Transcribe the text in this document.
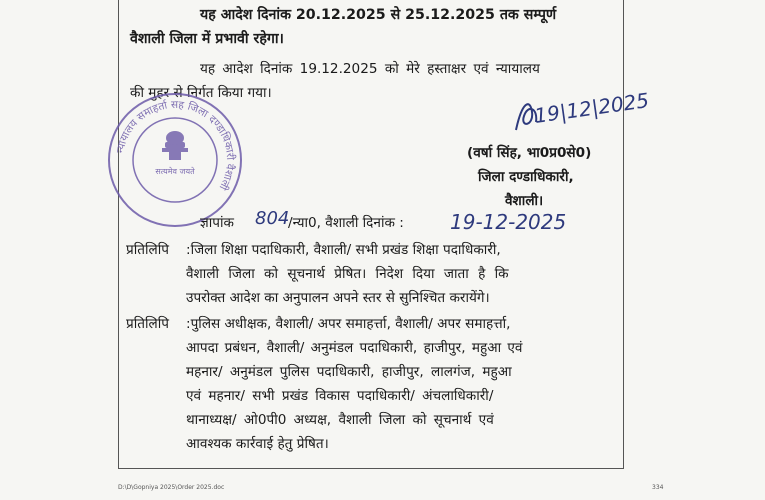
यह आदेश दिनांक 20.12.2025 से 25.12.2025 तक सम्पूर्ण
वैशाली जिला में प्रभावी रहेगा।
यह आदेश दिनांक 19.12.2025 को मेरे हस्ताक्षर एवं न्यायालय
की मुहर से निर्गत किया गया।
न्यायालय समाहर्ता सह जिला दण्डाधिकारी वैशाली
सत्यमेव जयते
19|12|2025
(वर्षा सिंह, भा0प्र0से0)
जिला दण्डाधिकारी,
वैशाली।
ज्ञापांक 804
/न्या0, वैशाली दिनांक : 19-12-2025
प्रतिलिपि :जिला शिक्षा पदाधिकारी, वैशाली/ सभी प्रखंड शिक्षा पदाधिकारी,
वैशाली जिला को सूचनार्थ प्रेषित। निदेश दिया जाता है कि
उपरोक्त आदेश का अनुपालन अपने स्तर से सुनिश्चित करायेंगे।
प्रतिलिपि :पुलिस अधीक्षक, वैशाली/ अपर समाहर्त्ता, वैशाली/ अपर समाहर्त्ता,
आपदा प्रबंधन, वैशाली/ अनुमंडल पदाधिकारी, हाजीपुर, महुआ एवं
महनार/ अनुमंडल पुलिस पदाधिकारी, हाजीपुर, लालगंज, महुआ
एवं महनार/ सभी प्रखंड विकास पदाधिकारी/ अंचलाधिकारी/
थानाध्यक्ष/ ओ0पी0 अध्यक्ष, वैशाली जिला को सूचनार्थ एवं
आवश्यक कार्रवाई हेतु प्रेषित।
D:\D\Gopniya 2025\Order 2025.doc	334
